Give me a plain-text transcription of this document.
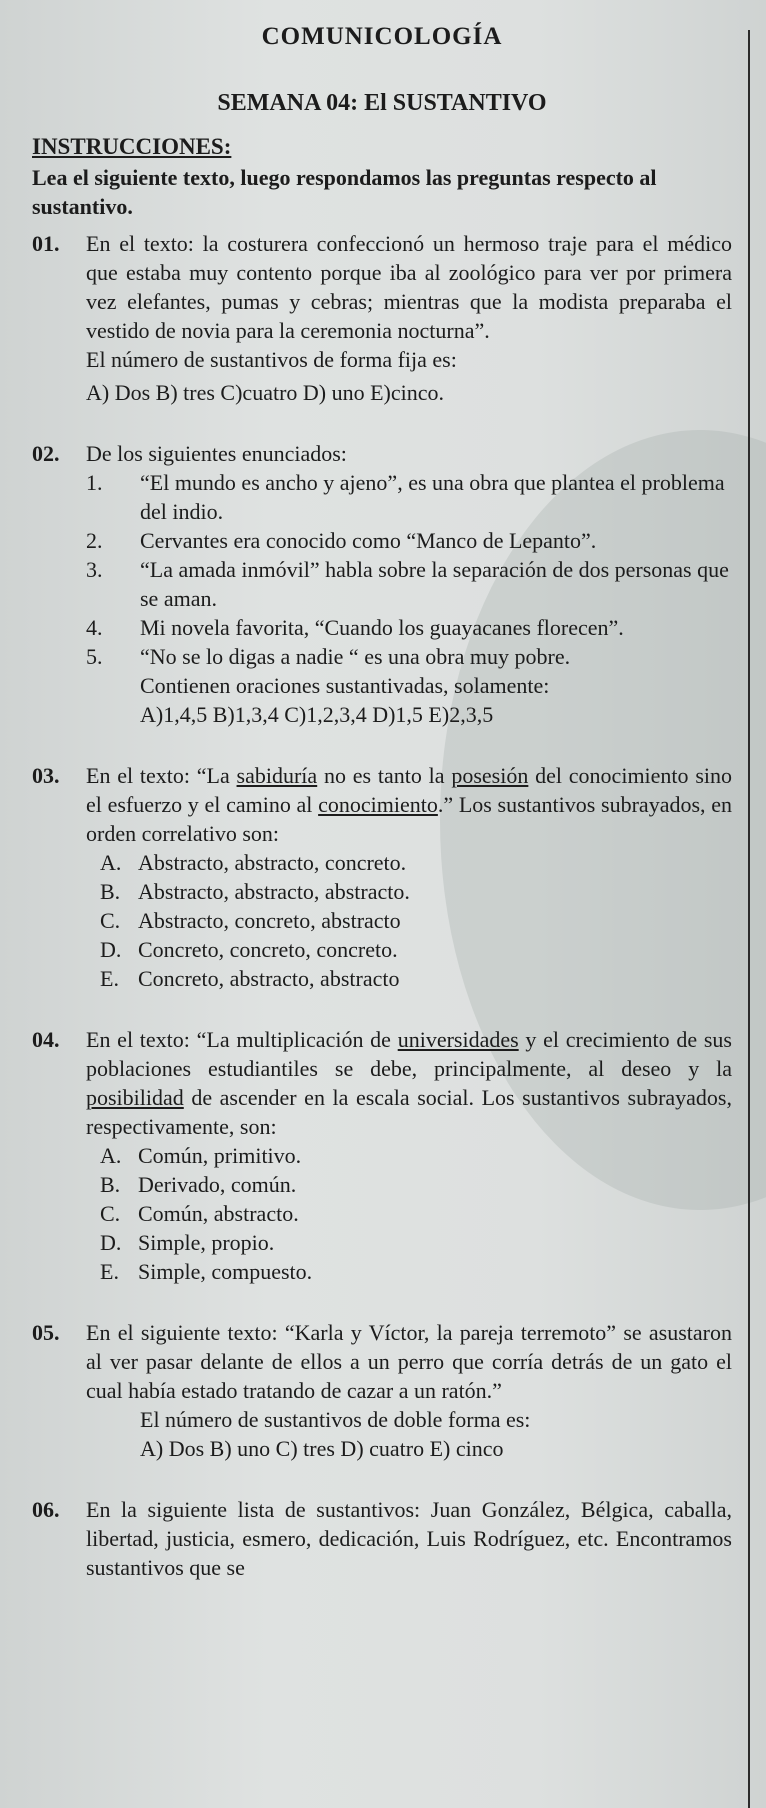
COMUNICOLOGÍA
SEMANA 04: El SUSTANTIVO
INSTRUCCIONES:
Lea el siguiente texto, luego respondamos las preguntas respecto al sustantivo.
01. En el texto: la costurera confeccionó un hermoso traje para el médico que estaba muy contento porque iba al zoológico para ver por primera vez elefantes, pumas y cebras; mientras que la modista preparaba el vestido de novia para la ceremonia nocturna”.
El número de sustantivos de forma fija es:
A) Dos B) tres C)cuatro D) uno E)cinco.
02. De los siguientes enunciados:
1. “El mundo es ancho y ajeno”, es una obra que plantea el problema del indio.
2. Cervantes era conocido como “Manco de Lepanto”.
3. “La amada inmóvil” habla sobre la separación de dos personas que se aman.
4. Mi novela favorita, “Cuando los guayacanes florecen”.
5. “No se lo digas a nadie “ es una obra muy pobre.
Contienen oraciones sustantivadas, solamente:
A)1,4,5 B)1,3,4 C)1,2,3,4 D)1,5 E)2,3,5
03. En el texto: “La sabiduría no es tanto la posesión del conocimiento sino el esfuerzo y el camino al conocimiento.” Los sustantivos subrayados, en orden correlativo son:
A. Abstracto, abstracto, concreto.
B. Abstracto, abstracto, abstracto.
C. Abstracto, concreto, abstracto
D. Concreto, concreto, concreto.
E. Concreto, abstracto, abstracto
04. En el texto: “La multiplicación de universidades y el crecimiento de sus poblaciones estudiantiles se debe, principalmente, al deseo y la posibilidad de ascender en la escala social. Los sustantivos subrayados, respectivamente, son:
A. Común, primitivo.
B. Derivado, común.
C. Común, abstracto.
D. Simple, propio.
E. Simple, compuesto.
05. En el siguiente texto: “Karla y Víctor, la pareja terremoto” se asustaron al ver pasar delante de ellos a un perro que corría detrás de un gato el cual había estado tratando de cazar a un ratón.”
El número de sustantivos de doble forma es:
A) Dos B) uno C) tres D) cuatro E) cinco
06. En la siguiente lista de sustantivos: Juan González, Bélgica, caballa, libertad, justicia, esmero, dedicación, Luis Rodríguez, etc. Encontramos sustantivos que se
